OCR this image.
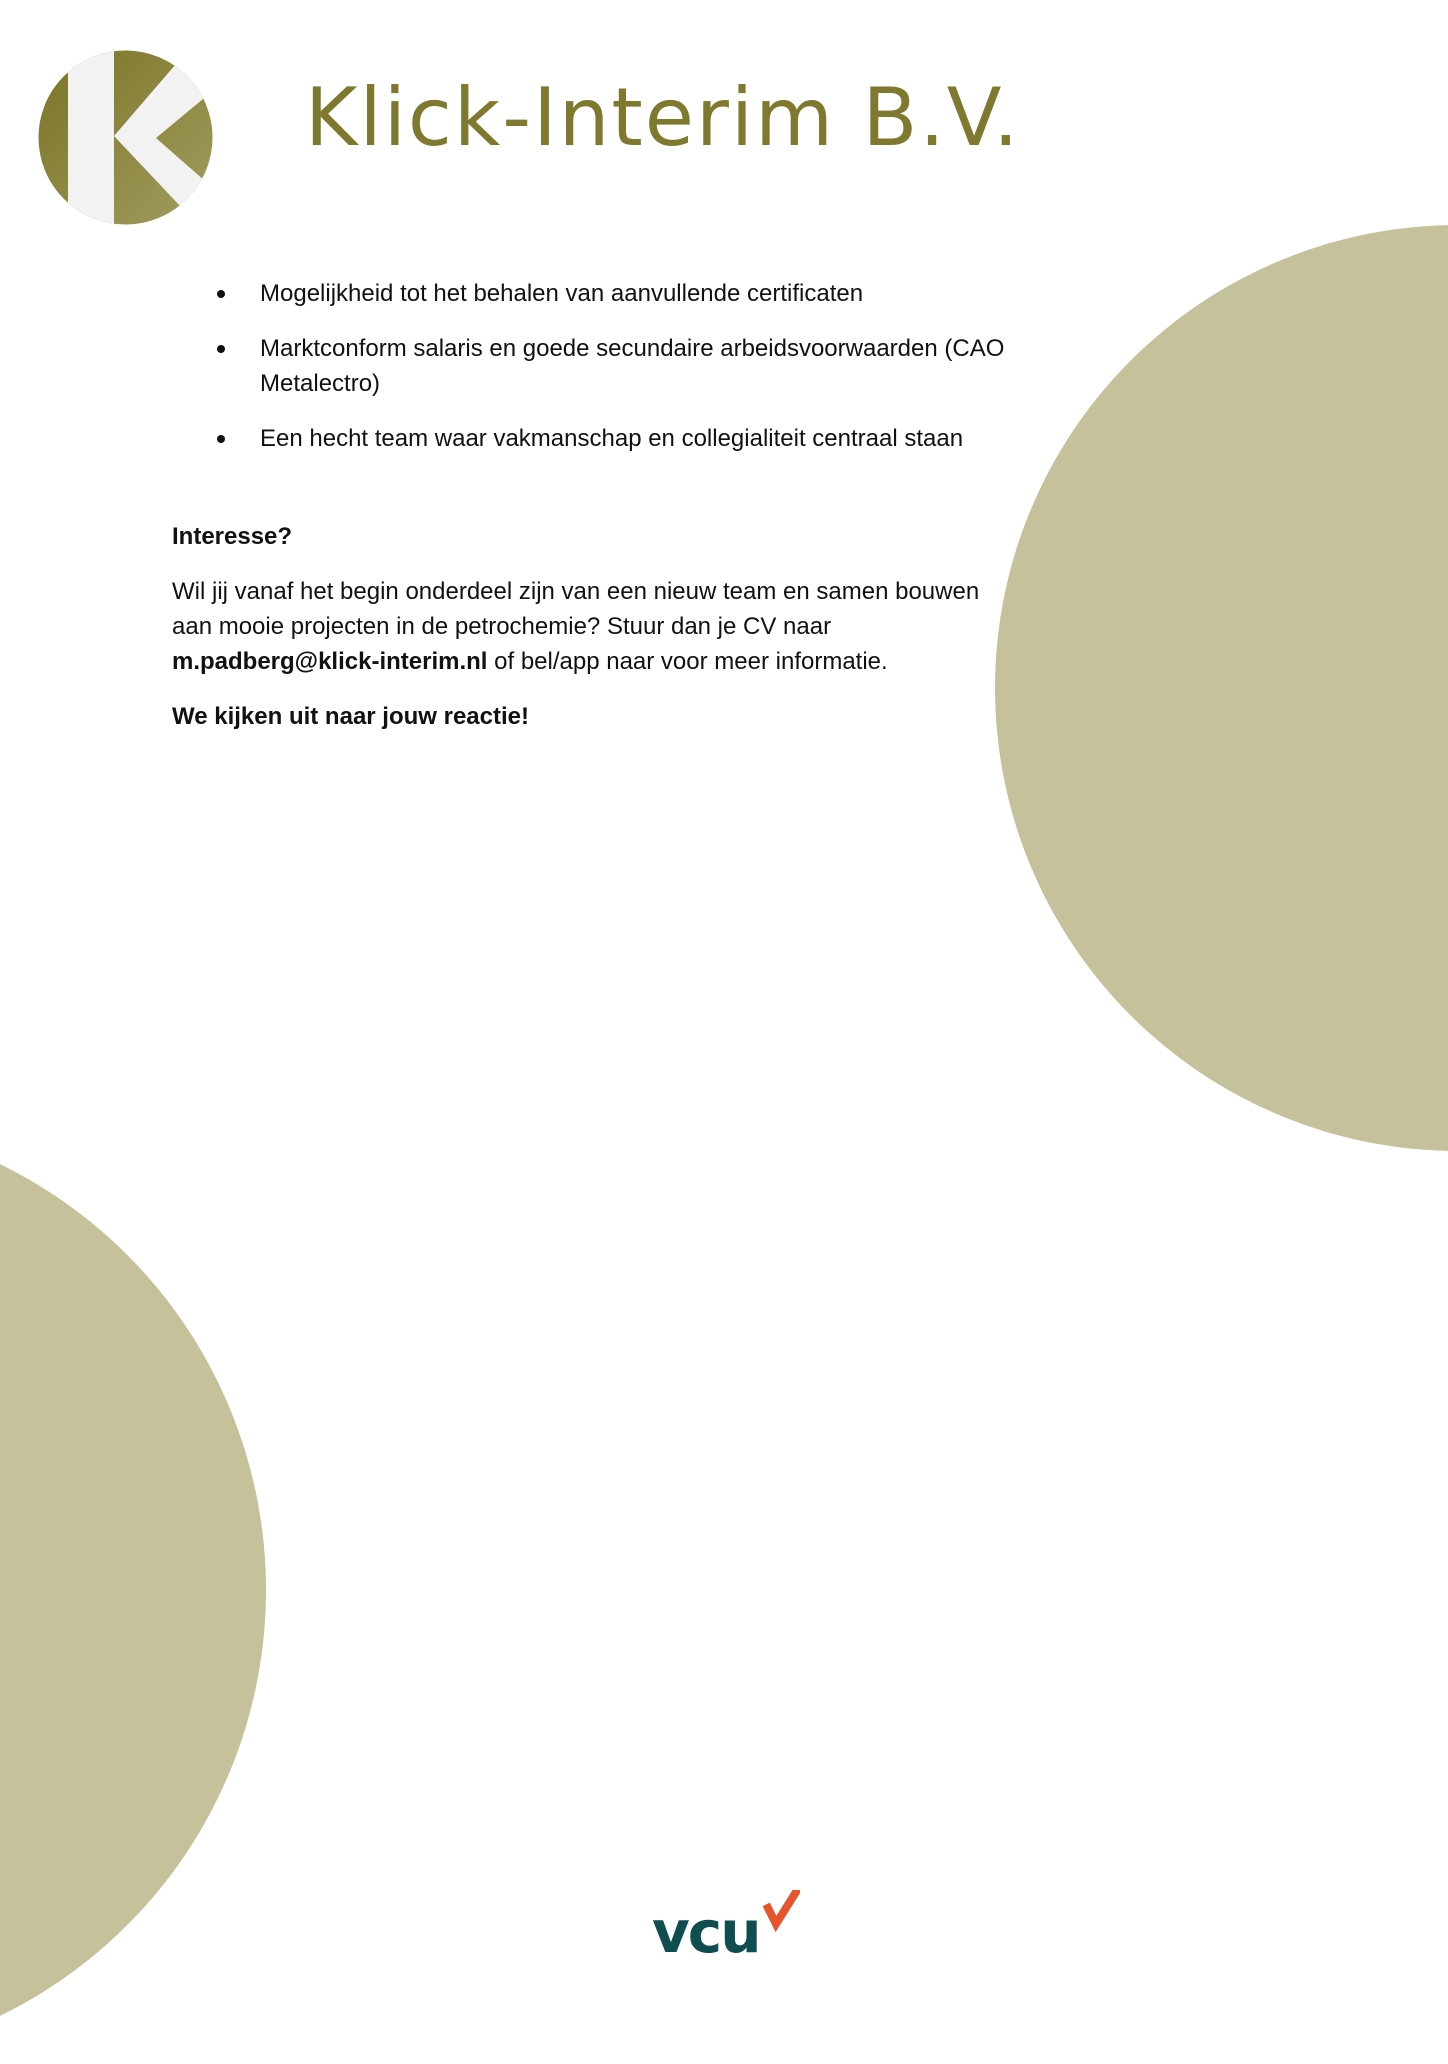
Klick-Interim B.V.
Mogelijkheid tot het behalen van aanvullende certificaten
Marktconform salaris en goede secundaire arbeidsvoorwaarden (CAO Metalectro)
Een hecht team waar vakmanschap en collegialiteit centraal staan
Interesse?

Wil jij vanaf het begin onderdeel zijn van een nieuw team en samen bouwen aan mooie projecten in de petrochemie? Stuur dan je CV naar m.padberg@klick-interim.nl of bel/app naar voor meer informatie.

We kijken uit naar jouw reactie!
vcu
